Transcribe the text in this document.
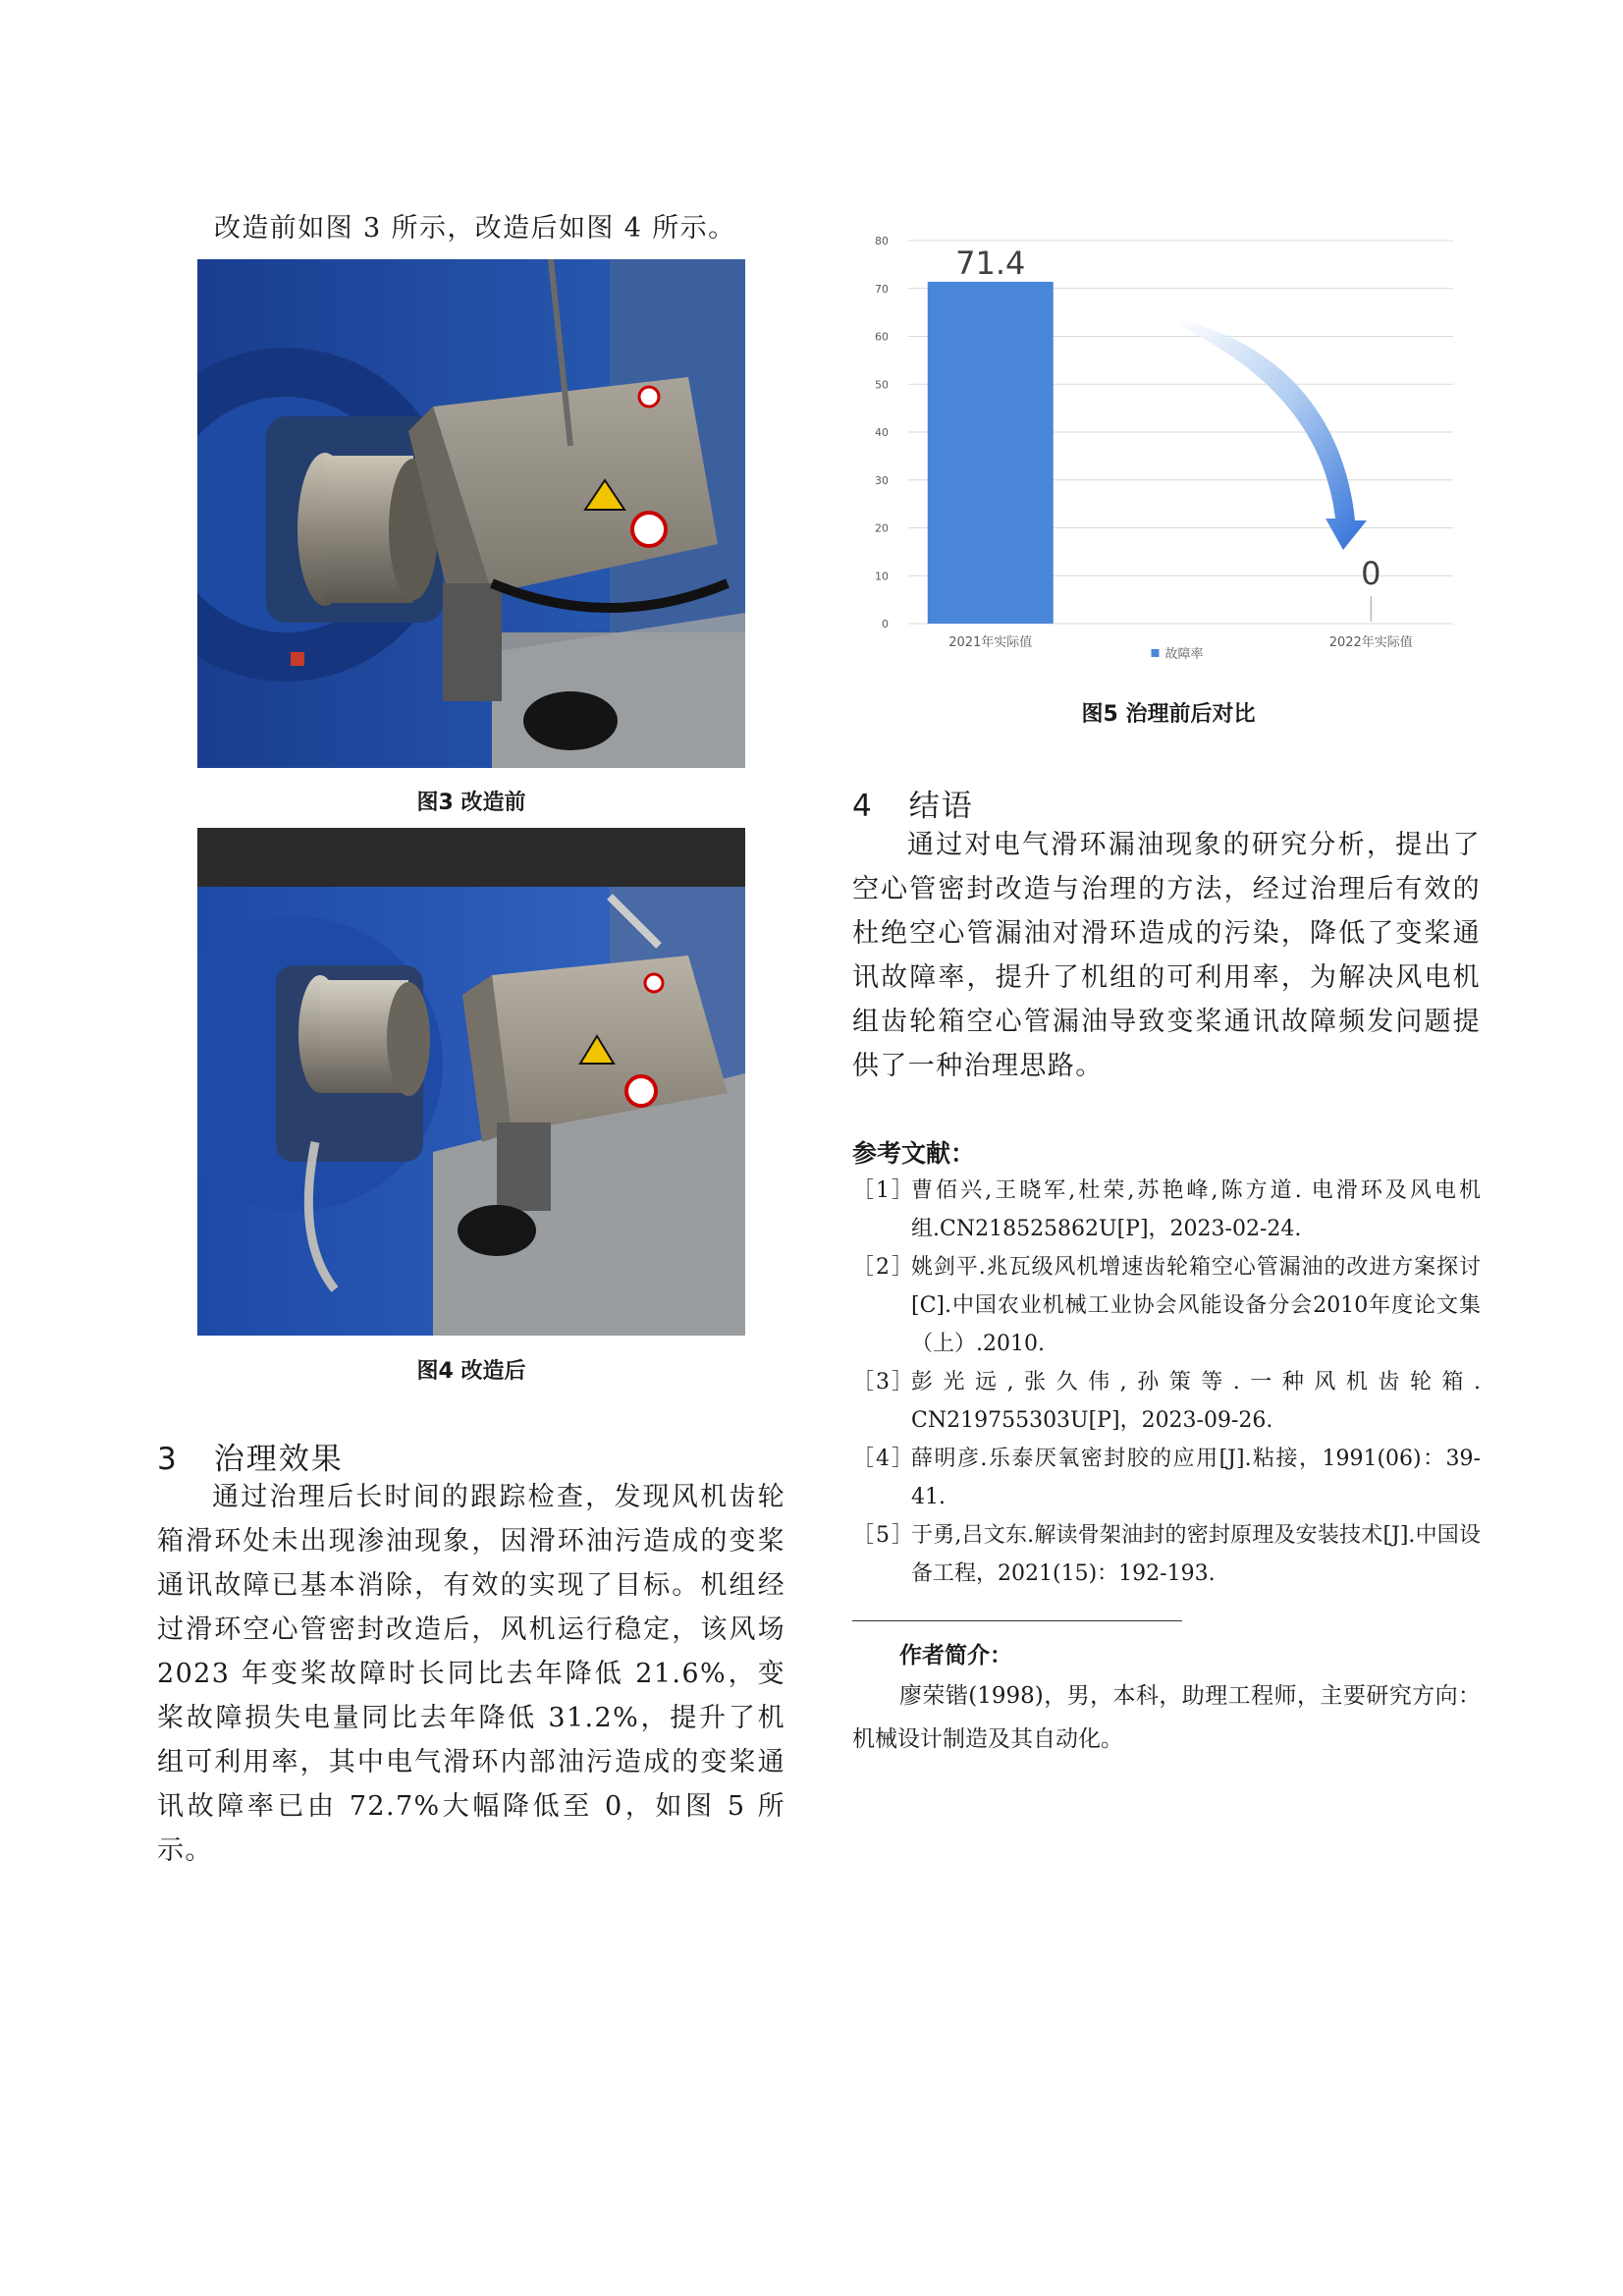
改造前如图 3 所示，改造后如图 4 所示。
图3 改造前
图4 改造后
3 治理效果
通过治理后长时间的跟踪检查，发现风机齿轮箱滑环处未出现渗油现象，因滑环油污造成的变桨通讯故障已基本消除，有效的实现了目标。机组经过滑环空心管密封改造后，风机运行稳定，该风场 2023 年变桨故障时长同比去年降低 21.6%，变桨故障损失电量同比去年降低 31.2%，提升了机组可利用率，其中电气滑环内部油污造成的变桨通讯故障率已由 72.7%大幅降低至 0，如图 5 所示。
0
10
20
30
40
50
60
70
80
71.4
2021年实际值
0
2022年实际值
故障率
图5 治理前后对比
4 结语
通过对电气滑环漏油现象的研究分析，提出了空心管密封改造与治理的方法，经过治理后有效的杜绝空心管漏油对滑环造成的污染，降低了变桨通讯故障率，提升了机组的可利用率，为解决风电机组齿轮箱空心管漏油导致变桨通讯故障频发问题提供了一种治理思路。
参考文献：
［1］
曹佰兴,王晓军,杜荣,苏艳峰,陈方道. 电滑环及风电机组.CN218525862U[P]，2023-02-24.
［2］
姚剑平.兆瓦级风机增速齿轮箱空心管漏油的改进方案探讨[C].中国农业机械工业协会风能设备分会2010年度论文集（上）.2010.
［3］
彭光远,张久伟,孙策等.一种风机齿轮箱. CN219755303U[P]，2023-09-26.
［4］
薛明彦.乐泰厌氧密封胶的应用[J].粘接，1991(06)：39-41.
［5］
于勇,吕文东.解读骨架油封的密封原理及安装技术[J].中国设备工程，2021(15)：192-193.
作者简介：
廖荣锴(1998)，男，本科，助理工程师，主要研究方向：机械设计制造及其自动化。
